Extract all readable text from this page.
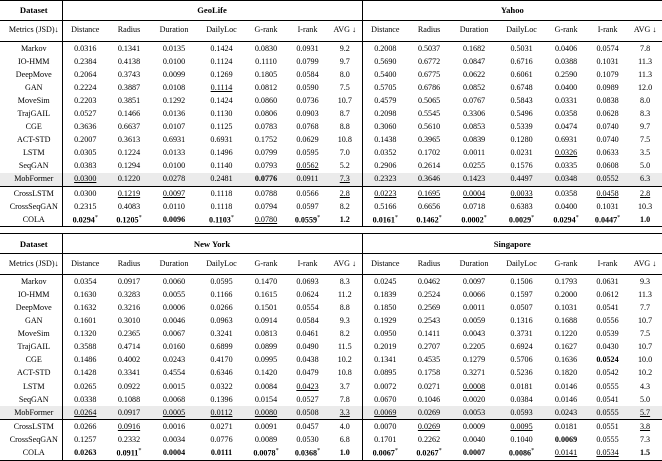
Dataset	GeoLife							Yahoo						
Metrics (JSD)↓	Distance	Radius	Duration	DailyLoc	G-rank	I-rank	AVG ↓	Distance	Radius	Duration	DailyLoc	G-rank	I-rank	AVG ↓
Markov	0.0316	0.1341	0.0135	0.1424	0.0830	0.0931	9.2	0.2008	0.5037	0.1682	0.5031	0.0406	0.0574	7.8
IO-HMM	0.2384	0.4138	0.0100	0.1124	0.1110	0.0799	9.7	0.5690	0.6772	0.0847	0.6716	0.0388	0.1031	11.3
DeepMove	0.2064	0.3743	0.0099	0.1269	0.1805	0.0584	8.0	0.5400	0.6775	0.0622	0.6061	0.2590	0.1079	11.3
GAN	0.2224	0.3887	0.0108	0.1114	0.0812	0.0590	7.5	0.5705	0.6786	0.0852	0.6748	0.0400	0.0989	12.0
MoveSim	0.2203	0.3851	0.1292	0.1424	0.0860	0.0736	10.7	0.4579	0.5065	0.0767	0.5843	0.0331	0.0838	8.0
TrajGAIL	0.0527	0.1466	0.0136	0.1130	0.0806	0.0903	8.7	0.2098	0.5545	0.3306	0.5496	0.0358	0.0628	8.3
CGE	0.3636	0.6637	0.0107	0.1125	0.0783	0.0768	8.8	0.3060	0.5610	0.0853	0.5339	0.0474	0.0740	9.7
ACT-STD	0.2007	0.3613	0.6931	0.6931	0.1752	0.0629	10.8	0.1438	0.3965	0.0839	0.1280	0.6931	0.0740	7.5
LSTM	0.0305	0.1224	0.0133	0.1496	0.0799	0.0595	7.0	0.0352	0.1702	0.0011	0.0231	0.0326	0.0633	3.5
SeqGAN	0.0383	0.1294	0.0100	0.1140	0.0793	0.0562	5.2	0.2906	0.2614	0.0255	0.1576	0.0335	0.0608	5.0
MobFormer	0.0300	0.1220	0.0278	0.2481	0.0776	0.0911	7.3	0.2323	0.3646	0.1423	0.4497	0.0348	0.0552	6.3
CrossLSTM	0.0300	0.1219	0.0097	0.1118	0.0788	0.0566	2.8	0.0223	0.1695	0.0004	0.0033	0.0358	0.0458	2.8
CrossSeqGAN	0.2315	0.4083	0.0110	0.1118	0.0794	0.0597	8.2	0.5166	0.6656	0.0718	0.6383	0.0400	0.1031	10.3
COLA	0.0294*	0.1205*	0.0096	0.1103*	0.0780	0.0559*	1.2	0.0161*	0.1462*	0.0002*	0.0029*	0.0294*	0.0447*	1.0
Dataset	New York							Singapore						
Metrics (JSD)↓	Distance	Radius	Duration	DailyLoc	G-rank	I-rank	AVG ↓	Distance	Radius	Duration	DailyLoc	G-rank	I-rank	AVG ↓
Markov	0.0354	0.0917	0.0060	0.0595	0.1470	0.0693	8.3	0.0245	0.0462	0.0097	0.1506	0.1793	0.0631	9.3
IO-HMM	0.1630	0.3283	0.0055	0.1166	0.1615	0.0624	11.2	0.1839	0.2524	0.0066	0.1597	0.2000	0.0612	11.3
DeepMove	0.1632	0.3216	0.0006	0.0266	0.1501	0.0554	8.8	0.1850	0.2569	0.0011	0.0507	0.1031	0.0541	7.7
GAN	0.1601	0.3010	0.0046	0.0963	0.0914	0.0584	9.3	0.1929	0.2543	0.0059	0.1316	0.1688	0.0556	10.7
MoveSim	0.1320	0.2365	0.0067	0.3241	0.0813	0.0461	8.2	0.0950	0.1411	0.0043	0.3731	0.1220	0.0539	7.5
TrajGAIL	0.3588	0.4714	0.0160	0.6899	0.0899	0.0490	11.5	0.2019	0.2707	0.2205	0.6924	0.1627	0.0430	10.7
CGE	0.1486	0.4002	0.0243	0.4170	0.0995	0.0438	10.2	0.1341	0.4535	0.1279	0.5706	0.1636	0.0524	10.0
ACT-STD	0.1428	0.3341	0.4554	0.6346	0.1420	0.0479	10.8	0.0895	0.1758	0.3271	0.5236	0.1820	0.0542	10.2
LSTM	0.0265	0.0922	0.0015	0.0322	0.0084	0.0423	3.7	0.0072	0.0271	0.0008	0.0181	0.0146	0.0555	4.3
SeqGAN	0.0338	0.1088	0.0068	0.1396	0.0154	0.0527	7.8	0.0670	0.1046	0.0020	0.0384	0.0146	0.0541	5.0
MobFormer	0.0264	0.0917	0.0005	0.0112	0.0080	0.0508	3.3	0.0069	0.0269	0.0053	0.0593	0.0243	0.0555	5.7
CrossLSTM	0.0266	0.0916	0.0016	0.0271	0.0091	0.0457	4.0	0.0070	0.0269	0.0009	0.0095	0.0181	0.0551	3.8
CrossSeqGAN	0.1257	0.2332	0.0034	0.0776	0.0089	0.0530	6.8	0.1701	0.2262	0.0040	0.1040	0.0069	0.0555	7.3
COLA	0.0263	0.0911*	0.0004	0.0111	0.0078*	0.0368*	1.0	0.0067*	0.0267*	0.0007	0.0086*	0.0141	0.0534	1.5
